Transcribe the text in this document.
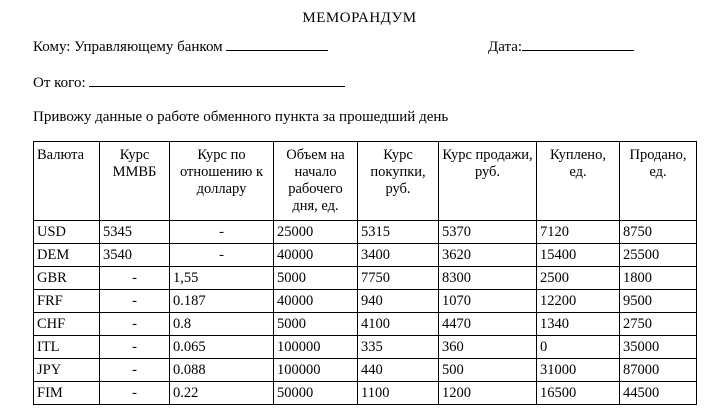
МЕМОРАНДУМ
Кому: Управляющему банком	Дата:
От кого:
Привожу данные о работе обменного пункта за прошедший день
Валюта	Курс ММВБ	Курс по отношению к доллару	Объем на начало рабочего дня, ед.	Курс покупки, руб.	Курс продажи, руб.	Куплено, ед.	Продано, ед.
USD	5345	-	25000	5315	5370	7120	8750
DEM	3540	-	40000	3400	3620	15400	25500
GBR	-	1,55	5000	7750	8300	2500	1800
FRF	-	0.187	40000	940	1070	12200	9500
CHF	-	0.8	5000	4100	4470	1340	2750
ITL	-	0.065	100000	335	360	0	35000
JPY	-	0.088	100000	440	500	31000	87000
FIM	-	0.22	50000	1100	1200	16500	44500
